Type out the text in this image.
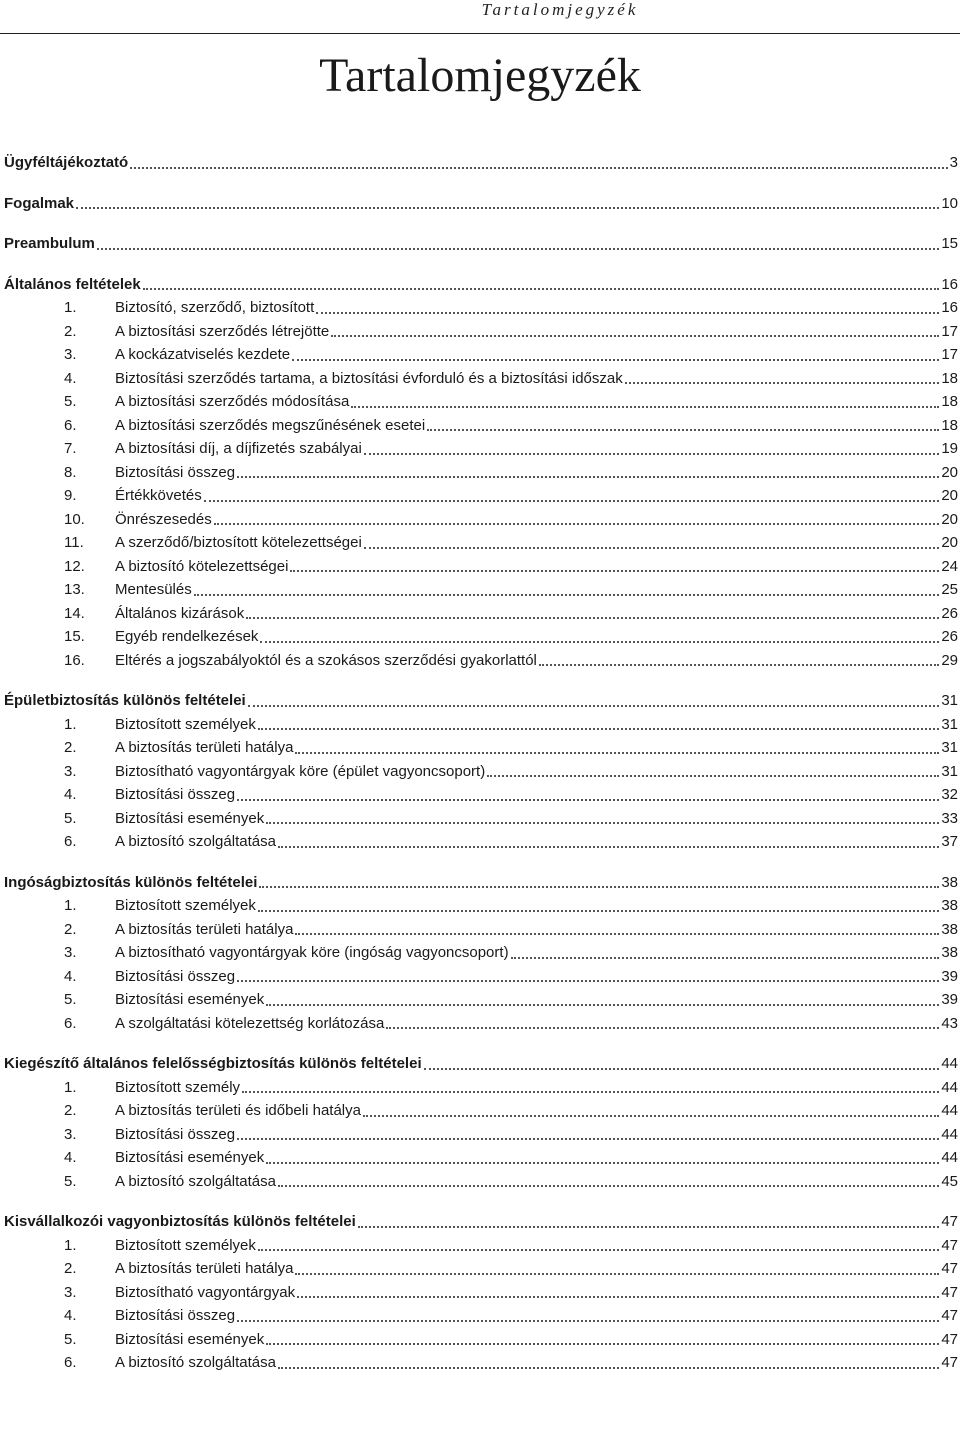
Tartalomjegyzék
Tartalomjegyzék
Ügyféltájékoztató	3
Fogalmak	10
Preambulum	15
Általános feltételek	16
1.	Biztosító, szerződő, biztosított	16
2.	A biztosítási szerződés létrejötte	17
3.	A kockázatviselés kezdete	17
4.	Biztosítási szerződés tartama, a biztosítási évforduló és a biztosítási időszak	18
5.	A biztosítási szerződés módosítása	18
6.	A biztosítási szerződés megszűnésének esetei	18
7.	A biztosítási díj, a díjfizetés szabályai	19
8.	Biztosítási összeg	20
9.	Értékkövetés	20
10.	Önrészesedés	20
11.	A szerződő/biztosított kötelezettségei	20
12.	A biztosító kötelezettségei	24
13.	Mentesülés	25
14.	Általános kizárások	26
15.	Egyéb rendelkezések	26
16.	Eltérés a jogszabályoktól és a szokásos szerződési gyakorlattól	29
Épületbiztosítás különös feltételei	31
1.	Biztosított személyek	31
2.	A biztosítás területi hatálya	31
3.	Biztosítható vagyontárgyak köre (épület vagyoncsoport)	31
4.	Biztosítási összeg	32
5.	Biztosítási események	33
6.	A biztosító szolgáltatása	37
Ingóságbiztosítás különös feltételei	38
1.	Biztosított személyek	38
2.	A biztosítás területi hatálya	38
3.	A biztosítható vagyontárgyak köre (ingóság vagyoncsoport)	38
4.	Biztosítási összeg	39
5.	Biztosítási események	39
6.	A szolgáltatási kötelezettség korlátozása	43
Kiegészítő általános felelősségbiztosítás különös feltételei	44
1.	Biztosított személy	44
2.	A biztosítás területi és időbeli hatálya	44
3.	Biztosítási összeg	44
4.	Biztosítási események	44
5.	A biztosító szolgáltatása	45
Kisvállalkozói vagyonbiztosítás különös feltételei	47
1.	Biztosított személyek	47
2.	A biztosítás területi hatálya	47
3.	Biztosítható vagyontárgyak	47
4.	Biztosítási összeg	47
5.	Biztosítási események	47
6.	A biztosító szolgáltatása	47
